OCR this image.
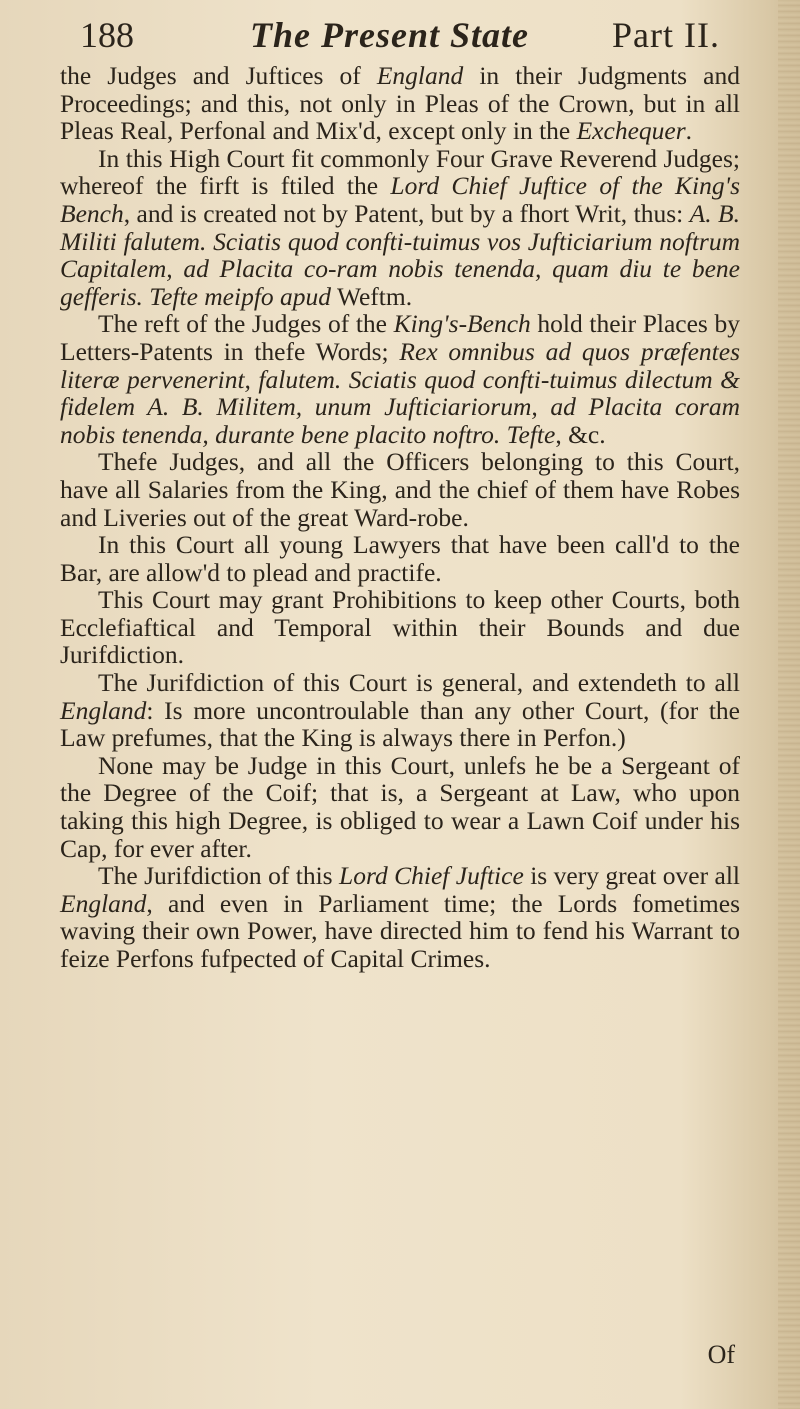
188	The Present State Part II.

the Judges and Juftices of England in their Judgments and Proceedings; and this, not only in Pleas of the Crown, but in all Pleas Real, Perfonal and Mix'd, except only in the Exchequer.

In this High Court fit commonly Four Grave Reverend Judges; whereof the firft is ftiled the Lord Chief Juftice of the King's Bench, and is created not by Patent, but by a fhort Writ, thus: A. B. Militi falutem. Sciatis quod confti-tuimus vos Jufticiarium noftrum Capitalem, ad Placita co-ram nobis tenenda, quam diu te bene gefferis. Tefte meipfo apud Weftm.

The reft of the Judges of the King's-Bench hold their Places by Letters-Patents in thefe Words; Rex omnibus ad quos præfentes literæ pervenerint, falutem. Sciatis quod confti-tuimus dilectum & fidelem A. B. Militem, unum Jufticiariorum, ad Placita coram nobis tenenda, durante bene placito noftro. Tefte, &c.

Thefe Judges, and all the Officers belonging to this Court, have all Salaries from the King, and the chief of them have Robes and Liveries out of the great Ward-robe.

In this Court all young Lawyers that have been call'd to the Bar, are allow'd to plead and practife.

This Court may grant Prohibitions to keep other Courts, both Ecclefiaftical and Temporal within their Bounds and due Jurifdiction.

The Jurifdiction of this Court is general, and extendeth to all England: Is more uncontroulable than any other Court, (for the Law prefumes, that the King is always there in Perfon.)

None may be Judge in this Court, unlefs he be a Sergeant of the Degree of the Coif; that is, a Sergeant at Law, who upon taking this high Degree, is obliged to wear a Lawn Coif under his Cap, for ever after.

The Jurifdiction of this Lord Chief Juftice is very great over all England, and even in Parliament time; the Lords fometimes waving their own Power, have directed him to fend his Warrant to feize Perfons fufpected of Capital Crimes.

Of
